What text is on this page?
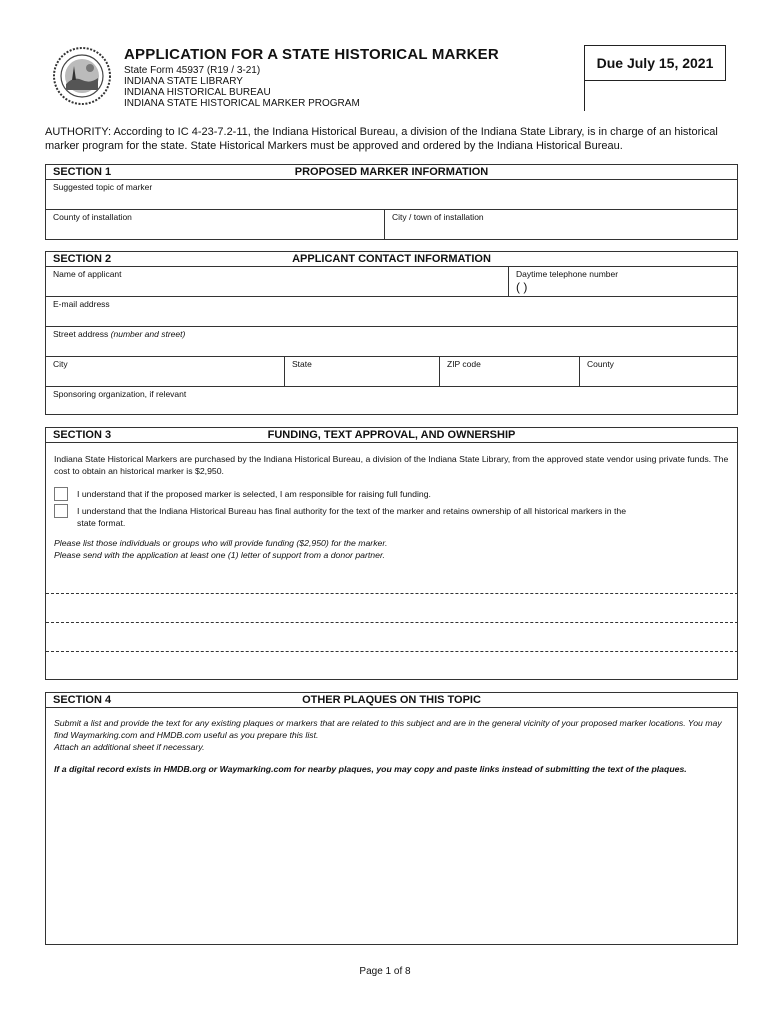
APPLICATION FOR A STATE HISTORICAL MARKER
State Form 45937 (R19 / 3-21)
INDIANA STATE LIBRARY
INDIANA HISTORICAL BUREAU
INDIANA STATE HISTORICAL MARKER PROGRAM
Due July 15, 2021
AUTHORITY: According to IC 4-23-7.2-11, the Indiana Historical Bureau, a division of the Indiana State Library, is in charge of an historical marker program for the state. State Historical Markers must be approved and ordered by the Indiana Historical Bureau.
SECTION 1	PROPOSED MARKER INFORMATION
Suggested topic of marker
County of installation	City / town of installation
SECTION 2	APPLICANT CONTACT INFORMATION
Name of applicant	Daytime telephone number
( )
E-mail address
Street address (number and street)
City	State	ZIP code	County
Sponsoring organization, if relevant
SECTION 3	FUNDING, TEXT APPROVAL, AND OWNERSHIP
Indiana State Historical Markers are purchased by the Indiana Historical Bureau, a division of the Indiana State Library, from the approved state vendor using private funds. The cost to obtain an historical marker is $2,950.
I understand that if the proposed marker is selected, I am responsible for raising full funding.
I understand that the Indiana Historical Bureau has final authority for the text of the marker and retains ownership of all historical markers in the state format.
Please list those individuals or groups who will provide funding ($2,950) for the marker.
Please send with the application at least one (1) letter of support from a donor partner.
SECTION 4	OTHER PLAQUES ON THIS TOPIC
Submit a list and provide the text for any existing plaques or markers that are related to this subject and are in the general vicinity of your proposed marker locations. You may find Waymarking.com and HMDB.com useful as you prepare this list.
Attach an additional sheet if necessary.
If a digital record exists in HMDB.org or Waymarking.com for nearby plaques, you may copy and paste links instead of submitting the text of the plaques.
Page 1 of 8
